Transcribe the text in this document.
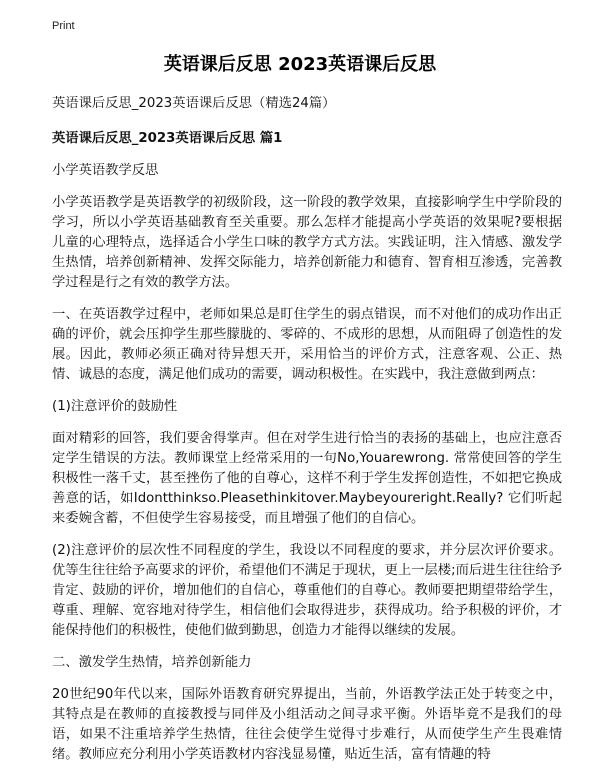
Print
英语课后反思 2023英语课后反思

英语课后反思_2023英语课后反思（精选24篇）

英语课后反思_2023英语课后反思 篇1

小学英语教学反思

小学英语教学是英语教学的初级阶段，这一阶段的教学效果，直接影响学生中学阶段的学习，所以小学英语基础教育至关重要。那么怎样才能提高小学英语的效果呢?要根据儿童的心理特点，选择适合小学生口味的教学方式方法。实践证明，注入情感、激发学生热情，培养创新精神、发挥交际能力，培养创新能力和德育、智育相互渗透，完善教学过程是行之有效的教学方法。

一、在英语教学过程中，老师如果总是盯住学生的弱点错误，而不对他们的成功作出正确的评价，就会压抑学生那些朦胧的、零碎的、不成形的思想，从而阻碍了创造性的发展。因此，教师必须正确对待异想天开，采用恰当的评价方式，注意客观、公正、热情、诚恳的态度，满足他们成功的需要，调动积极性。在实践中，我注意做到两点：

(1)注意评价的鼓励性

面对精彩的回答，我们要舍得掌声。但在对学生进行恰当的表扬的基础上，也应注意否定学生错误的方法。教师课堂上经常采用的一句No,Youarewrong. 常常使回答的学生积极性一落千丈，甚至挫伤了他的自尊心，这样不利于学生发挥创造性，不如把它换成善意的话，如Idontthinkso.Pleasethinkitover.Maybeyoureright.Really? 它们听起来委婉含蓄，不但使学生容易接受，而且增强了他们的自信心。

(2)注意评价的层次性不同程度的学生，我设以不同程度的要求，并分层次评价要求。优等生往往给予高要求的评价，希望他们不满足于现状，更上一层楼;而后进生往往给予肯定、鼓励的评价，增加他们的自信心，尊重他们的自尊心。教师要把期望带给学生，尊重、理解、宽容地对待学生，相信他们会取得进步，获得成功。给予积极的评价，才能保持他们的积极性，使他们做到勤思，创造力才能得以继续的发展。

二、激发学生热情，培养创新能力

20世纪90年代以来，国际外语教育研究界提出，当前，外语教学法正处于转变之中，其特点是在教师的直接教授与同伴及小组活动之间寻求平衡。外语毕竟不是我们的母语，如果不注重培养学生热情，往往会使学生觉得寸步难行，从而使学生产生畏难情绪。教师应充分利用小学英语教材内容浅显易懂，贴近生活，富有情趣的特
